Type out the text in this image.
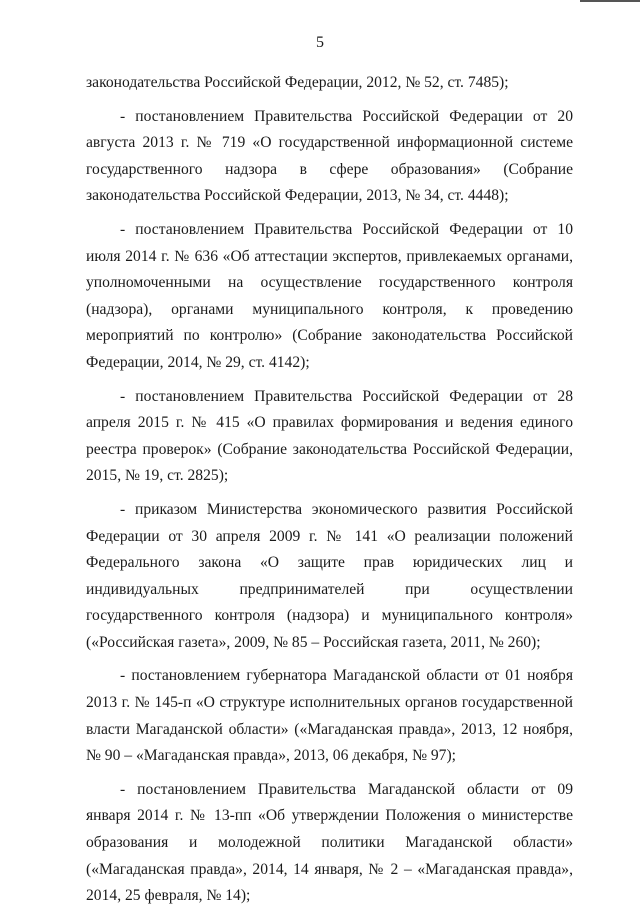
5

законодательства Российской Федерации, 2012, № 52, ст. 7485);

- постановлением Правительства Российской Федерации от 20 августа 2013 г. № 719 «О государственной информационной системе государственного надзора в сфере образования» (Собрание законодательства Российской Федерации, 2013, № 34, ст. 4448);

- постановлением Правительства Российской Федерации от 10 июля 2014 г. № 636 «Об аттестации экспертов, привлекаемых органами, уполномоченными на осуществление государственного контроля (надзора), органами муниципального контроля, к проведению мероприятий по контролю» (Собрание законодательства Российской Федерации, 2014, № 29, ст. 4142);

- постановлением Правительства Российской Федерации от 28 апреля 2015 г. № 415 «О правилах формирования и ведения единого реестра проверок» (Собрание законодательства Российской Федерации, 2015, № 19, ст. 2825);

- приказом Министерства экономического развития Российской Федерации от 30 апреля 2009 г. № 141 «О реализации положений Федерального закона «О защите прав юридических лиц и индивидуальных предпринимателей при осуществлении государственного контроля (надзора) и муниципального контроля» («Российская газета», 2009, № 85 – Российская газета, 2011, № 260);

- постановлением губернатора Магаданской области от 01 ноября 2013 г. № 145-п «О структуре исполнительных органов государственной власти Магаданской области» («Магаданская правда», 2013, 12 ноября, № 90 – «Магаданская правда», 2013, 06 декабря, № 97);

- постановлением Правительства Магаданской области от 09 января 2014 г. № 13-пп «Об утверждении Положения о министерстве образования и молодежной политики Магаданской области» («Магаданская правда», 2014, 14 января, № 2 – «Магаданская правда», 2014, 25 февраля, № 14);
